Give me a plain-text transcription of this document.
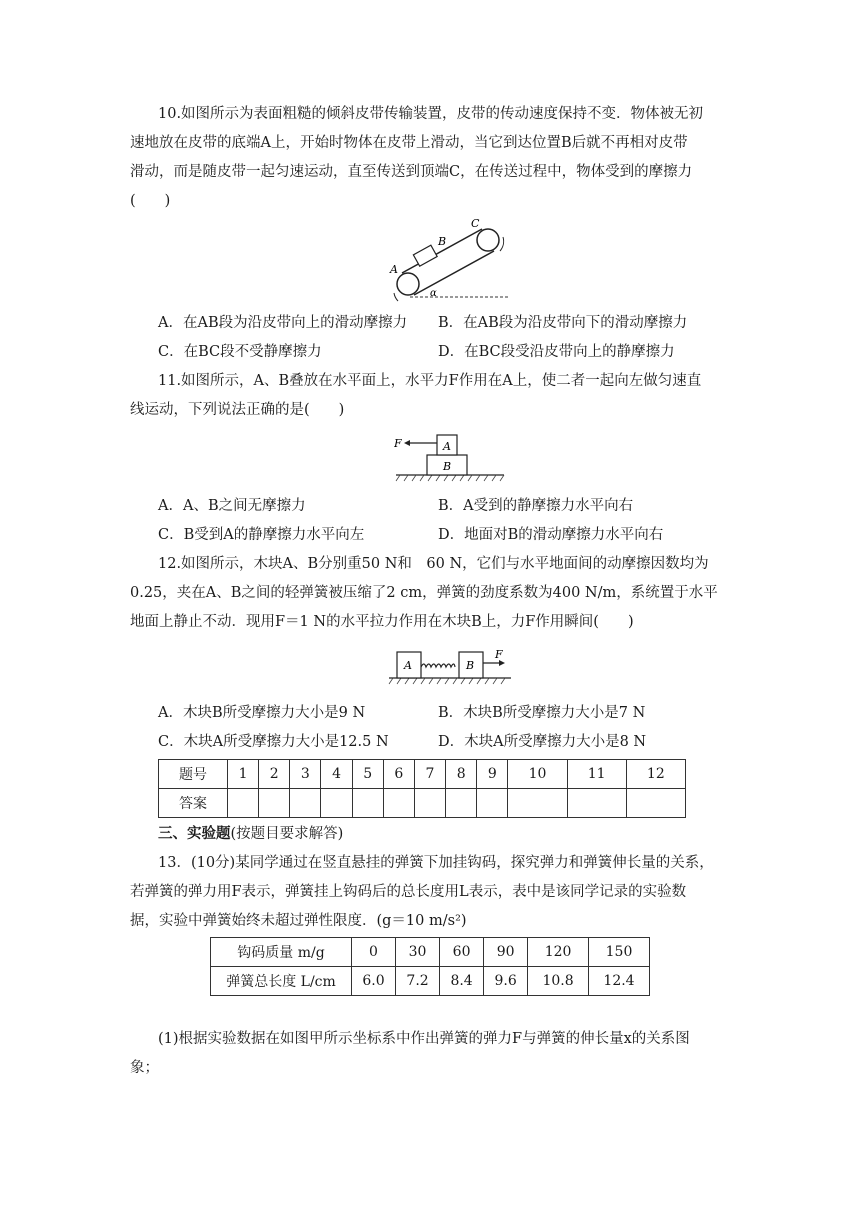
10.如图所示为表面粗糙的倾斜皮带传输装置，皮带的传动速度保持不变．物体被无初
速地放在皮带的底端A上，开始时物体在皮带上滑动，当它到达位置B后就不再相对皮带
滑动，而是随皮带一起匀速运动，直至传送到顶端C，在传送过程中，物体受到的摩擦力
(　　)
A
B
C
α
A．在AB段为沿皮带向上的滑动摩擦力 B．在AB段为沿皮带向下的滑动摩擦力
C．在BC段不受静摩擦力	D．在BC段受沿皮带向上的静摩擦力
11.如图所示，A、B叠放在水平面上，水平力F作用在A上，使二者一起向左做匀速直
线运动，下列说法正确的是(　　)
F	A
B
A．A、B之间无摩擦力	B．A受到的静摩擦力水平向右
C．B受到A的静摩擦力水平向左	D．地面对B的滑动摩擦力水平向右
12.如图所示，木块A、B分别重50 N和　60 N，它们与水平地面间的动摩擦因数均为
0.25，夹在A、B之间的轻弹簧被压缩了2 cm，弹簧的劲度系数为400 N/m，系统置于水平
地面上静止不动．现用F＝1 N的水平拉力作用在木块B上，力F作用瞬间(　　)
A	B
F
A．木块B所受摩擦力大小是9 N	B．木块B所受摩擦力大小是7 N
C．木块A所受摩擦力大小是12.5 N	D．木块A所受摩擦力大小是8 N
题号	1	2	3	4	5	6	7	8	9	10	11	12
答案												
三、实验题(按题目要求解答)
13．(10分)某同学通过在竖直悬挂的弹簧下加挂钩码，探究弹力和弹簧伸长量的关系，
若弹簧的弹力用F表示，弹簧挂上钩码后的总长度用L表示，表中是该同学记录的实验数
据，实验中弹簧始终未超过弹性限度．(g＝10 m/s²)
钩码质量 m/g	0	30	60	90	120	150
弹簧总长度 L/cm	6.0	7.2	8.4	9.6	10.8	12.4
(1)根据实验数据在如图甲所示坐标系中作出弹簧的弹力F与弹簧的伸长量x的关系图
象；
